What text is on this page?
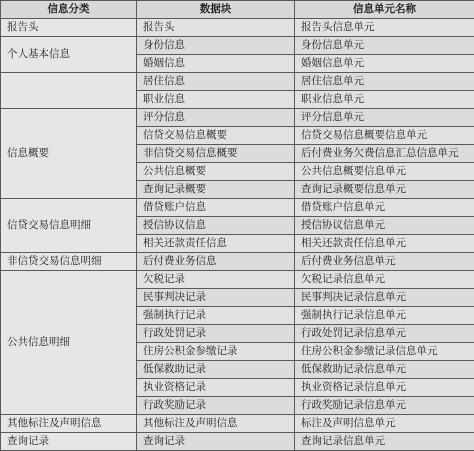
信息分类	数据块	信息单元名称
报告头	报告头	报告头信息单元
个人基本信息	身份信息	身份信息单元
	婚姻信息	婚姻信息单元
	居住信息	居住信息单元
	职业信息	职业信息单元
信息概要	评分信息	评分信息单元
	信贷交易信息概要	信贷交易信息概要信息单元
	非信贷交易信息概要	后付费业务欠费信息汇总信息单元
	公共信息概要	公共信息概要信息单元
	查询记录概要	查询记录概要信息单元
信贷交易信息明细	借贷账户信息	借贷账户信息单元
	授信协议信息	授信协议信息单元
	相关还款责任信息	相关还款责任信息单元
非信贷交易信息明细	后付费业务信息	后付费业务信息单元
公共信息明细	欠税记录	欠税记录信息单元
	民事判决记录	民事判决记录信息单元
	强制执行记录	强制执行记录信息单元
	行政处罚记录	行政处罚记录信息单元
	住房公积金参缴记录	住房公积金参缴记录信息单元
	低保救助记录	低保救助记录信息单元
	执业资格记录	执业资格记录信息单元
	行政奖励记录	行政奖励记录信息单元
其他标注及声明信息	其他标注及声明信息	标注及声明信息单元
查询记录	查询记录	查询记录信息单元
